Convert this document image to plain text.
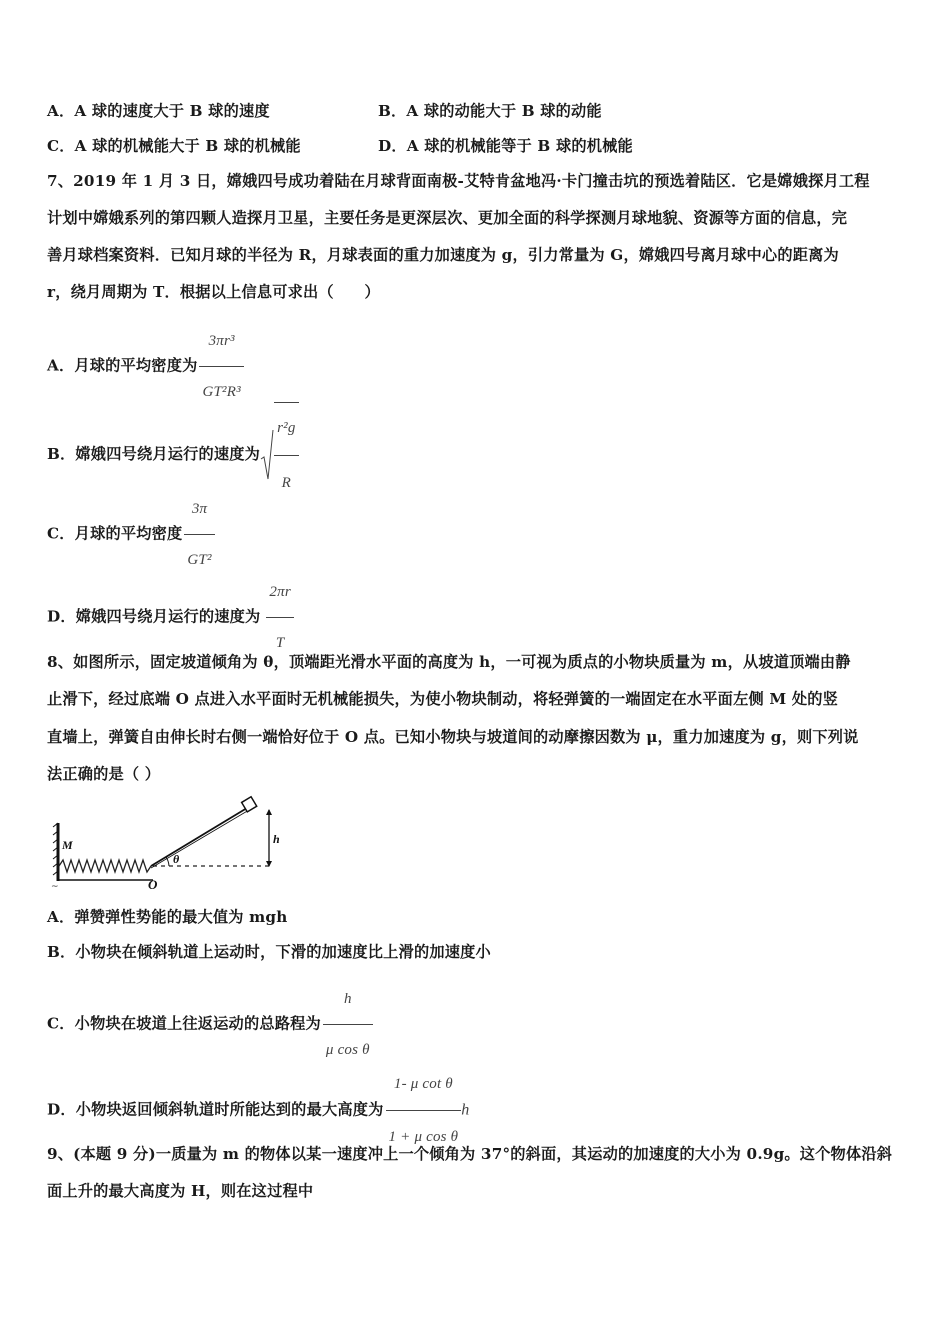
A．A 球的速度大于 B 球的速度	B．A 球的动能大于 B 球的动能
C．A 球的机械能大于 B 球的机械能	D．A 球的机械能等于 B 球的机械能
7、2019 年 1 月 3 日，嫦娥四号成功着陆在月球背面南极-艾特肯盆地冯·卡门撞击坑的预选着陆区．它是嫦娥探月工程
计划中嫦娥系列的第四颗人造探月卫星，主要任务是更深层次、更加全面的科学探测月球地貌、资源等方面的信息，完
善月球档案资料．已知月球的半径为 R，月球表面的重力加速度为 g，引力常量为 G，嫦娥四号离月球中心的距离为
r，绕月周期为 T．根据以上信息可求出（　　）
A．月球的平均密度为 $\frac{\text{3πr³}}{\text{GT²R³}}$
B．嫦娥四号绕月运行的速度为 $\frac{\text{r²g}}{R}$
C．月球的平均密度 $\frac{3\pi}{\text{GT²}}$
D．嫦娥四号绕月运行的速度为 $\frac{2\pi r}{T}$
8、如图所示，固定坡道倾角为 θ，顶端距光滑水平面的高度为 h，一可视为质点的小物块质量为 m，从坡道顶端由静
止滑下，经过底端 O 点进入水平面时无机械能损失，为使小物块制动，将轻弹簧的一端固定在水平面左侧 M 处的竖
直墙上，弹簧自由伸长时右侧一端恰好位于 O 点。已知小物块与坡道间的动摩擦因数为 μ，重力加速度为 g，则下列说
法正确的是（ ）
M
O
h
θ
~
A．弹赞弹性势能的最大值为 mgh
B．小物块在倾斜轨道上运动时，下滑的加速度比上滑的加速度小
C．小物块在坡道上往返运动的总路程为 $\frac{h}{\text{μ cos θ}}$
D．小物块返回倾斜轨道时所能达到的最大高度为 $\frac{\text{1- μ cot θ}}{\text{1 + μ cos θ}}$ h
9、(本题 9 分)一质量为 m 的物体以某一速度冲上一个倾角为 37°的斜面，其运动的加速度的大小为 0.9g。这个物体沿斜
面上升的最大高度为 H，则在这过程中
